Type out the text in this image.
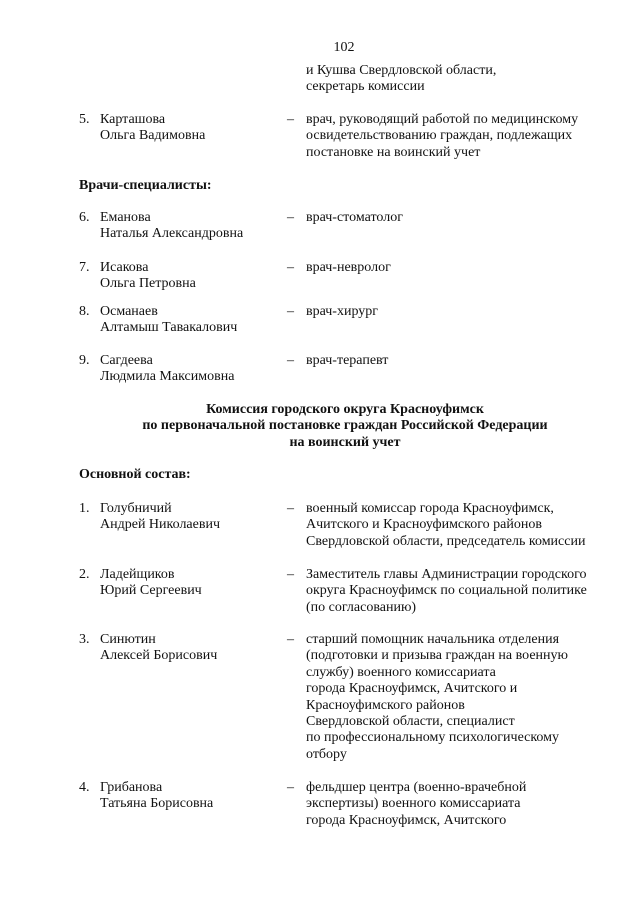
102
и Кушва Свердловской области,
секретарь комиссии
5. Карташова
Ольга Вадимовна
– врач, руководящий работой по медицинскому
освидетельствованию граждан, подлежащих
постановке на воинский учет
Врачи-специалисты:
6. Еманова
Наталья Александровна
– врач-стоматолог
7. Исакова
Ольга Петровна
– врач-невролог
8. Османаев
Алтамыш Тавакалович
– врач-хирург
9. Сагдеева
Людмила Максимовна
– врач-терапевт
Комиссия городского округа Красноуфимск
по первоначальной постановке граждан Российской Федерации
на воинский учет
Основной состав:
1. Голубничий
Андрей Николаевич
– военный комиссар города Красноуфимск,
Ачитского и Красноуфимского районов
Свердловской области, председатель комиссии
2. Ладейщиков
Юрий Сергеевич
– Заместитель главы Администрации городского
округа Красноуфимск по социальной политике
(по согласованию)
3. Синютин
Алексей Борисович
– старший помощник начальника отделения
(подготовки и призыва граждан на военную
службу) военного комиссариата
города Красноуфимск, Ачитского и
Красноуфимского районов
Свердловской области, специалист
по профессиональному психологическому
отбору
4. Грибанова
Татьяна Борисовна
– фельдшер центра (военно-врачебной
экспертизы) военного комиссариата
города Красноуфимск, Ачитского
